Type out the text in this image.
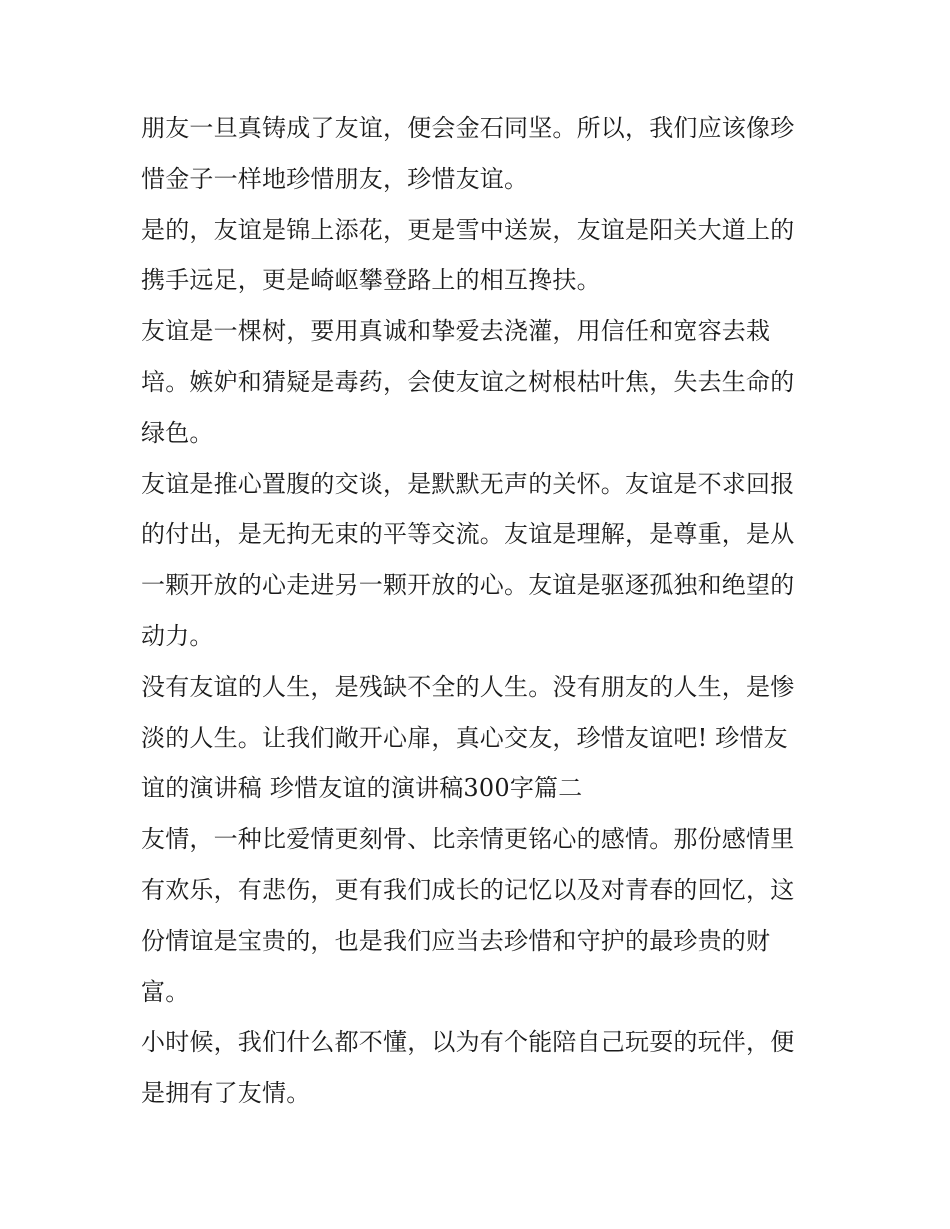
朋友一旦真铸成了友谊，便会金石同坚。所以，我们应该像珍
惜金子一样地珍惜朋友，珍惜友谊。
是的，友谊是锦上添花，更是雪中送炭，友谊是阳关大道上的
携手远足，更是崎岖攀登路上的相互搀扶。
友谊是一棵树，要用真诚和挚爱去浇灌，用信任和宽容去栽
培。嫉妒和猜疑是毒药，会使友谊之树根枯叶焦，失去生命的
绿色。
友谊是推心置腹的交谈，是默默无声的关怀。友谊是不求回报
的付出，是无拘无束的平等交流。友谊是理解，是尊重，是从
一颗开放的心走进另一颗开放的心。友谊是驱逐孤独和绝望的
动力。
没有友谊的人生，是残缺不全的人生。没有朋友的人生，是惨
淡的人生。让我们敞开心扉，真心交友，珍惜友谊吧! 珍惜友
谊的演讲稿 珍惜友谊的演讲稿300字篇二
友情，一种比爱情更刻骨、比亲情更铭心的感情。那份感情里
有欢乐，有悲伤，更有我们成长的记忆以及对青春的回忆，这
份情谊是宝贵的，也是我们应当去珍惜和守护的最珍贵的财
富。
小时候，我们什么都不懂，以为有个能陪自己玩耍的玩伴，便
是拥有了友情。
